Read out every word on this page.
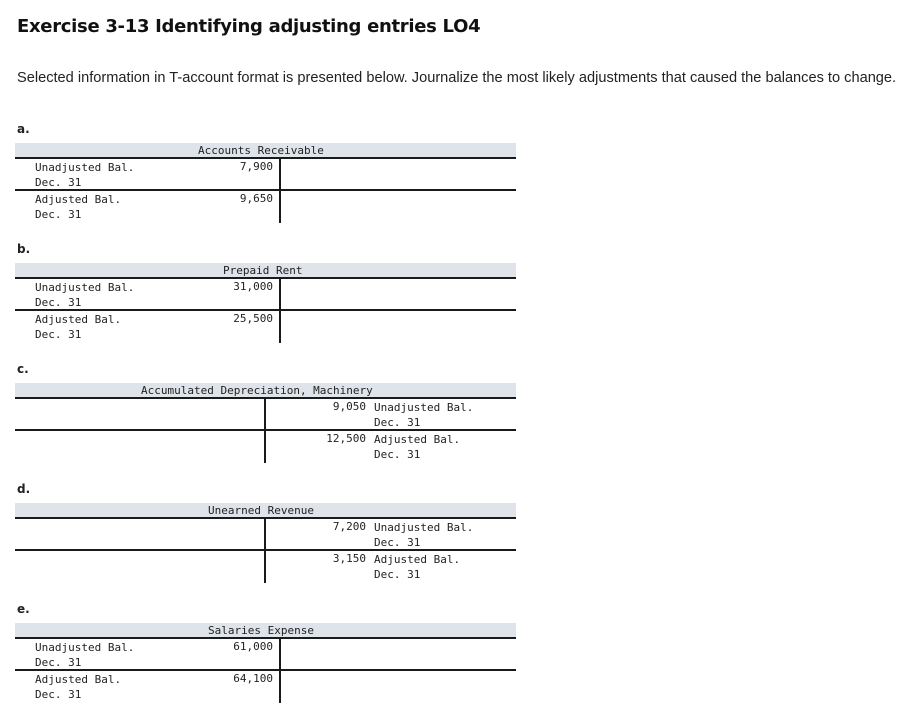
Exercise 3-13 Identifying adjusting entries LO4
Selected information in T-account format is presented below. Journalize the most likely adjustments that caused the balances to change.
a.
Accounts Receivable
Unadjusted Bal.
Dec. 31
7,900
Adjusted Bal.
Dec. 31
9,650
b.
Prepaid Rent
Unadjusted Bal.
Dec. 31
31,000
Adjusted Bal.
Dec. 31
25,500
c.
Accumulated Depreciation, Machinery
9,050 Unadjusted Bal.
Dec. 31
12,500 Adjusted Bal.
Dec. 31
d.
Unearned Revenue
7,200 Unadjusted Bal.
Dec. 31
3,150 Adjusted Bal.
Dec. 31
e.
Salaries Expense
Unadjusted Bal.
Dec. 31
61,000
Adjusted Bal.
Dec. 31
64,100
